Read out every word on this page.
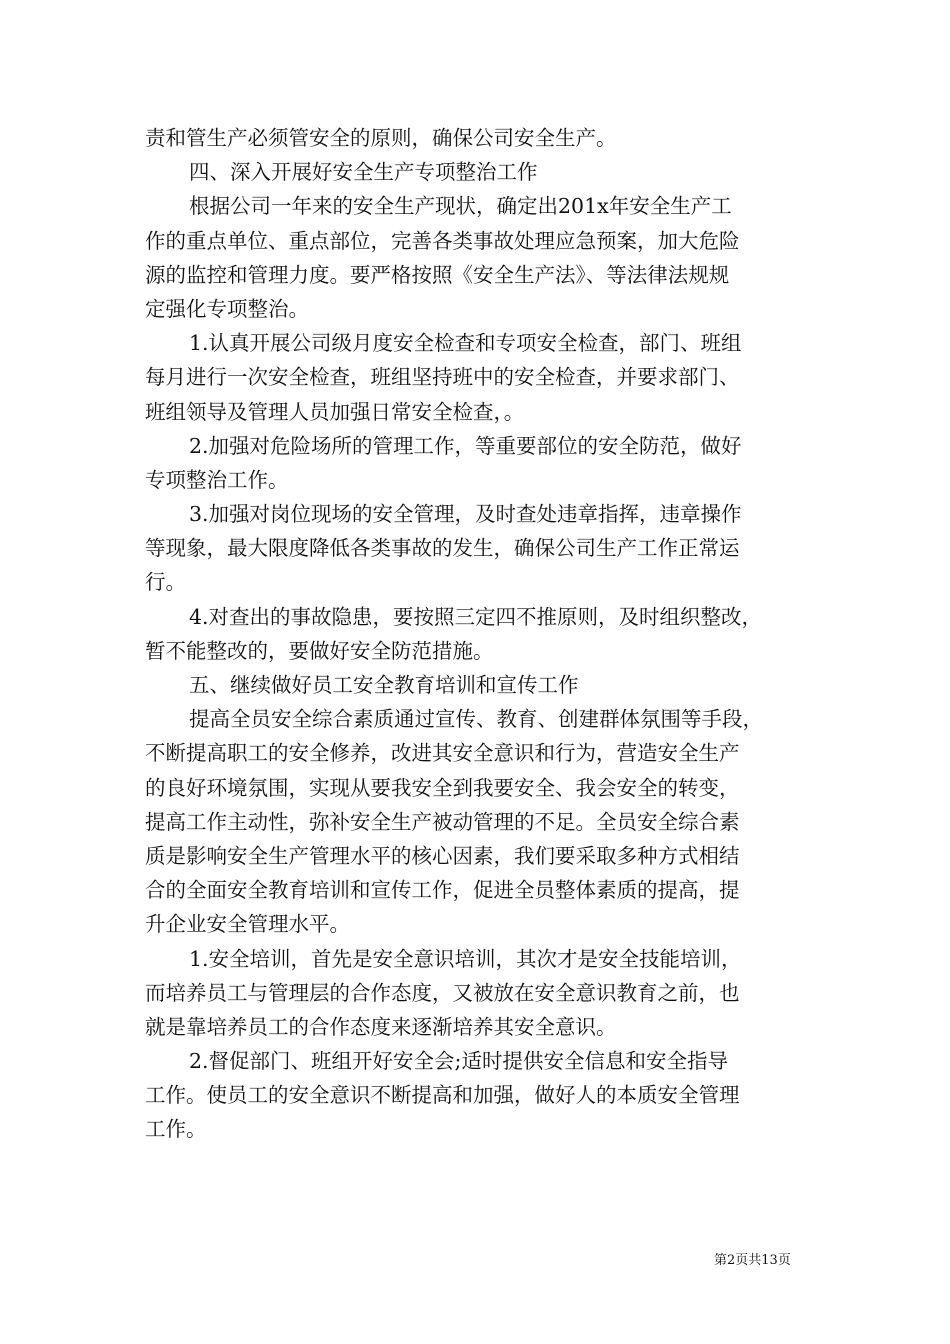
责和管生产必须管安全的原则，确保公司安全生产。
四、深入开展好安全生产专项整治工作
根据公司一年来的安全生产现状，确定出201x年安全生产工
作的重点单位、重点部位，完善各类事故处理应急预案，加大危险
源的监控和管理力度。要严格按照《安全生产法》、等法律法规规
定强化专项整治。
1.认真开展公司级月度安全检查和专项安全检查，部门、班组
每月进行一次安全检查，班组坚持班中的安全检查，并要求部门、
班组领导及管理人员加强日常安全检查，。
2.加强对危险场所的管理工作，等重要部位的安全防范，做好
专项整治工作。
3.加强对岗位现场的安全管理，及时查处违章指挥，违章操作
等现象，最大限度降低各类事故的发生，确保公司生产工作正常运
行。
4.对查出的事故隐患，要按照三定四不推原则，及时组织整改，
暂不能整改的，要做好安全防范措施。
五、继续做好员工安全教育培训和宣传工作
提高全员安全综合素质通过宣传、教育、创建群体氛围等手段，
不断提高职工的安全修养，改进其安全意识和行为，营造安全生产
的良好环境氛围，实现从要我安全到我要安全、我会安全的转变，
提高工作主动性，弥补安全生产被动管理的不足。全员安全综合素
质是影响安全生产管理水平的核心因素，我们要采取多种方式相结
合的全面安全教育培训和宣传工作，促进全员整体素质的提高，提
升企业安全管理水平。
1.安全培训，首先是安全意识培训，其次才是安全技能培训，
而培养员工与管理层的合作态度，又被放在安全意识教育之前，也
就是靠培养员工的合作态度来逐渐培养其安全意识。
2.督促部门、班组开好安全会;适时提供安全信息和安全指导
工作。使员工的安全意识不断提高和加强，做好人的本质安全管理
工作。
第2页共13页
